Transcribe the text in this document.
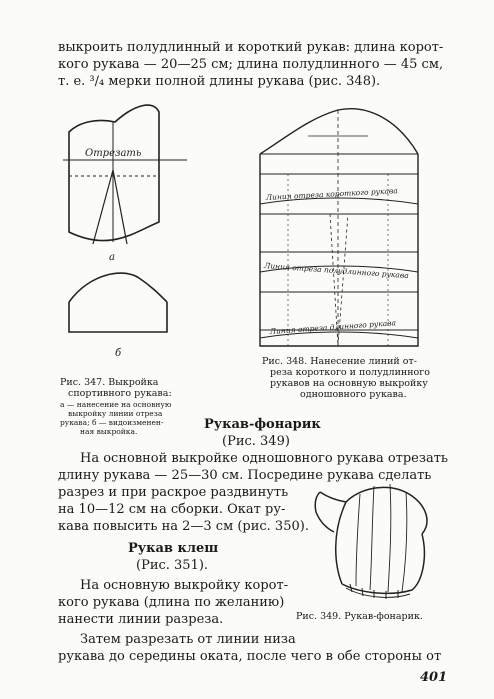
выкроить полудлинный и короткий рукав: длина корот-
кого рукава — 20—25 см; длина полудлинного — 45 см,
т. е. ³/₄ мерки полной длины рукава (рис. 348).
Отрезать
а
б
Рис. 347. Выкройка
спортивного рукава:
а — нанесение на основную
выкройку линии отреза
рукава; б — видоизменен-
ная выкройка.
Линия отреза короткого рукава
Линия отреза полудлинного рукава
Линия отреза длинного рукава
Рис. 348. Нанесение линий от-
реза короткого и полудлинного
рукавов на основную выкройку
одношовного рукава.
Рукав-фонарик
(Рис. 349)
На основной выкройке одношовного рукава отрезать
длину рукава — 25—30 см. Посредине рукава сделать
разрез и при раскрое раздвинуть
на 10—12 см на сборки. Окат ру-
кава повысить на 2—3 см (рис. 350).
Рукав клеш
(Рис. 351).
На основную выкройку корот-
кого рукава (длина по желанию)
нанести линии разреза.
Затем разрезать от линии низа
рукава до середины оката, после чего в обе стороны от
Рис. 349. Рукав-фонарик.
401
